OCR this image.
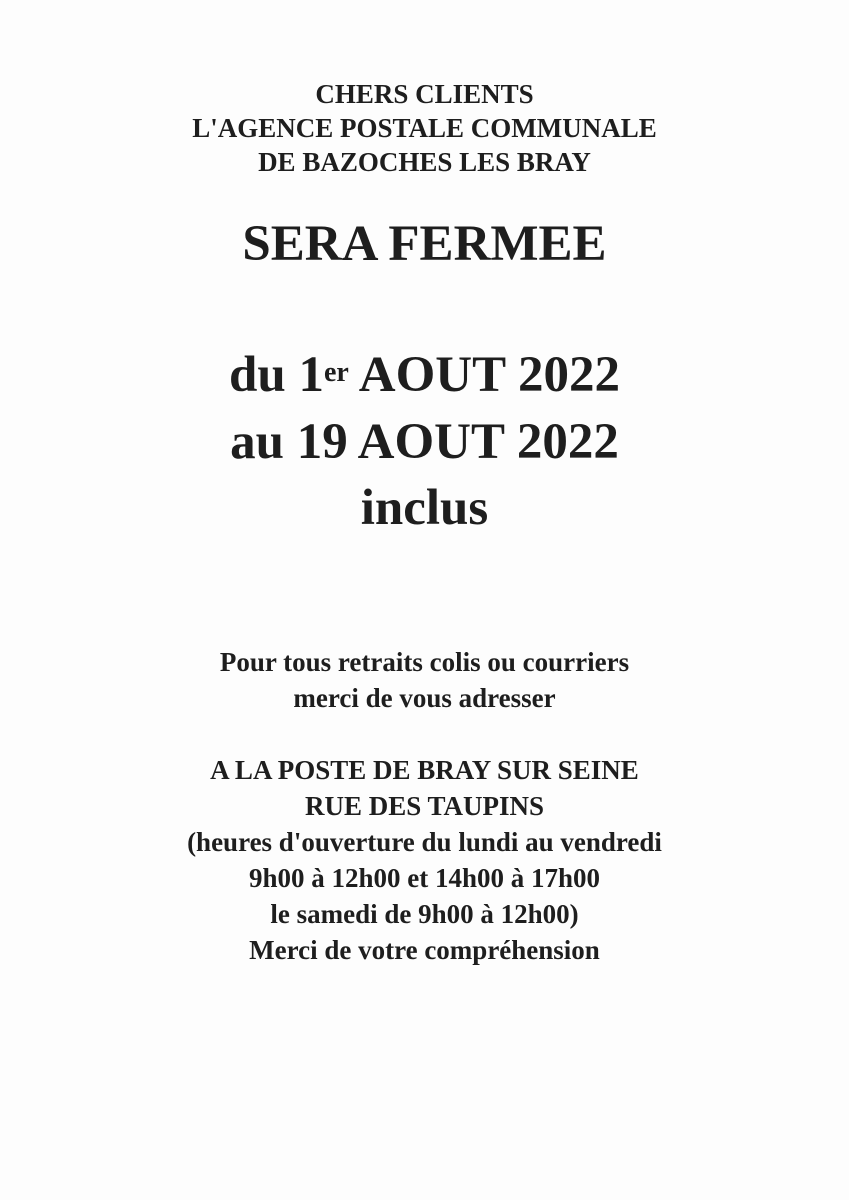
CHERS CLIENTS

L'AGENCE POSTALE COMMUNALE

DE BAZOCHES LES BRAY

SERA FERMEE

du 1er AOUT 2022

au 19 AOUT 2022

inclus

Pour tous retraits colis ou courriers

merci de vous adresser

A LA POSTE DE BRAY SUR SEINE

RUE DES TAUPINS

(heures d'ouverture du lundi au vendredi

9h00 à 12h00 et 14h00 à 17h00

le samedi de 9h00 à 12h00)

Merci de votre compréhension
